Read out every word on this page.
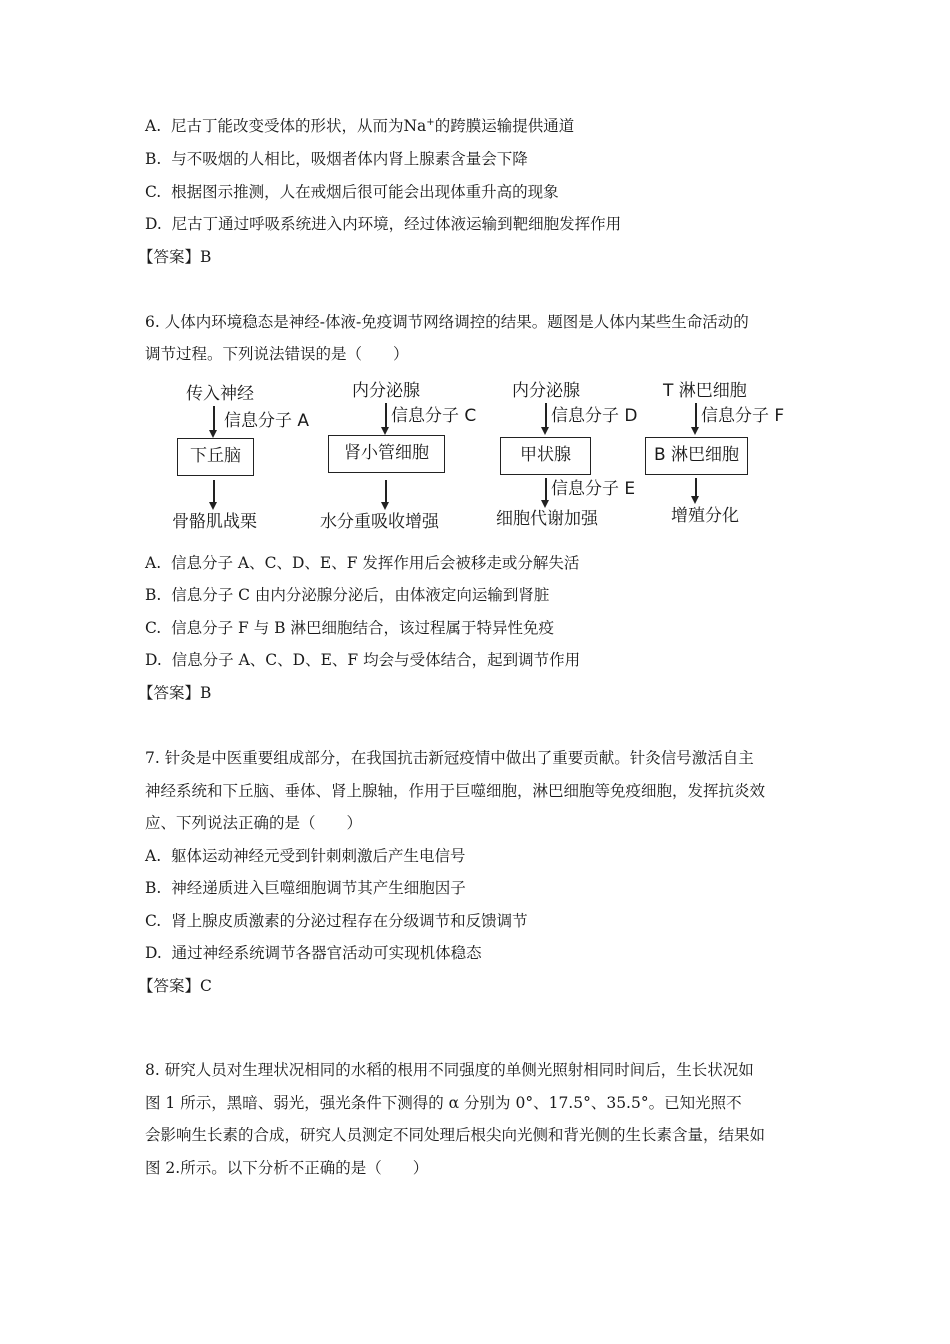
A. 尼古丁能改变受体的形状，从而为Na+的跨膜运输提供通道
B. 与不吸烟的人相比，吸烟者体内肾上腺素含量会下降
C. 根据图示推测，人在戒烟后很可能会出现体重升高的现象
D. 尼古丁通过呼吸系统进入内环境，经过体液运输到靶细胞发挥作用
【答案】B
6. 人体内环境稳态是神经-体液-免疫调节网络调控的结果。题图是人体内某些生命活动的
调节过程。下列说法错误的是（　　）
传入神经
信息分子 A
下丘脑
骨骼肌战栗
内分泌腺
信息分子 C
肾小管细胞
水分重吸收增强
内分泌腺
信息分子 D
甲状腺
信息分子 E
细胞代谢加强
T 淋巴细胞
信息分子 F
B 淋巴细胞
增殖分化
A. 信息分子 A、C、D、E、F 发挥作用后会被移走或分解失活
B. 信息分子 C 由内分泌腺分泌后，由体液定向运输到肾脏
C. 信息分子 F 与 B 淋巴细胞结合，该过程属于特异性免疫
D. 信息分子 A、C、D、E、F 均会与受体结合，起到调节作用
【答案】B
7. 针灸是中医重要组成部分，在我国抗击新冠疫情中做出了重要贡献。针灸信号激活自主
神经系统和下丘脑、垂体、肾上腺轴，作用于巨噬细胞，淋巴细胞等免疫细胞，发挥抗炎效
应、下列说法正确的是（　　）
A. 躯体运动神经元受到针刺刺激后产生电信号
B. 神经递质进入巨噬细胞调节其产生细胞因子
C. 肾上腺皮质激素的分泌过程存在分级调节和反馈调节
D. 通过神经系统调节各器官活动可实现机体稳态
【答案】C
8. 研究人员对生理状况相同的水稻的根用不同强度的单侧光照射相同时间后，生长状况如
图 1 所示，黑暗、弱光，强光条件下测得的 α 分别为 0°、17.5°、35.5°。已知光照不
会影响生长素的合成，研究人员测定不同处理后根尖向光侧和背光侧的生长素含量，结果如
图 2.所示。以下分析不正确的是（　　）
